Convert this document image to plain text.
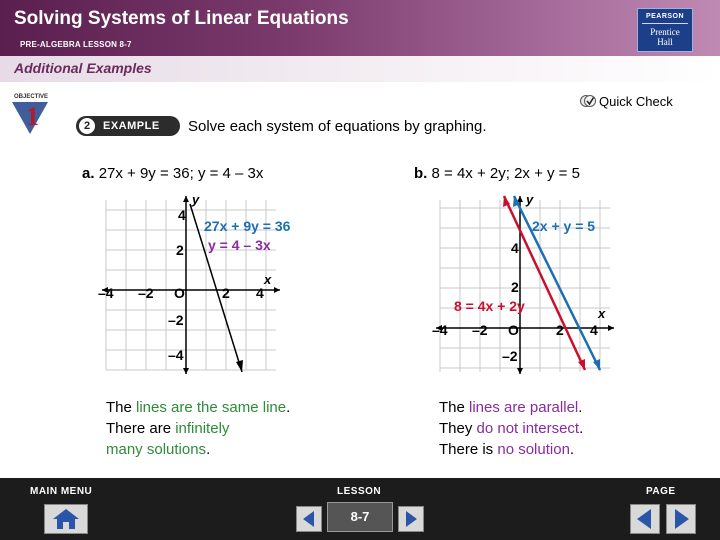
Solving Systems of Linear Equations
PRE-ALGEBRA LESSON 8-7
PEARSON
Prentice
Hall
Additional Examples
OBJECTIVE
1
Quick Check
2	EXAMPLE Solve each system of equations by graphing.
a. 27x + 9y = 36; y = 4 – 3x	b. 8 = 4x + 2y; 2x + y = 5
y
x
–4 –2 O	2 4
4
2
–2
–4
27x + 9y = 36
y = 4 – 3x
y
x
–4 –2 O	2 4
4
2
–2
2x + y = 5
8 = 4x + 2y
The lines are the same line.
There are infinitely
many solutions.
The lines are parallel.
They do not intersect.
There is no solution.
MAIN MENU	LESSON	PAGE
8-7
